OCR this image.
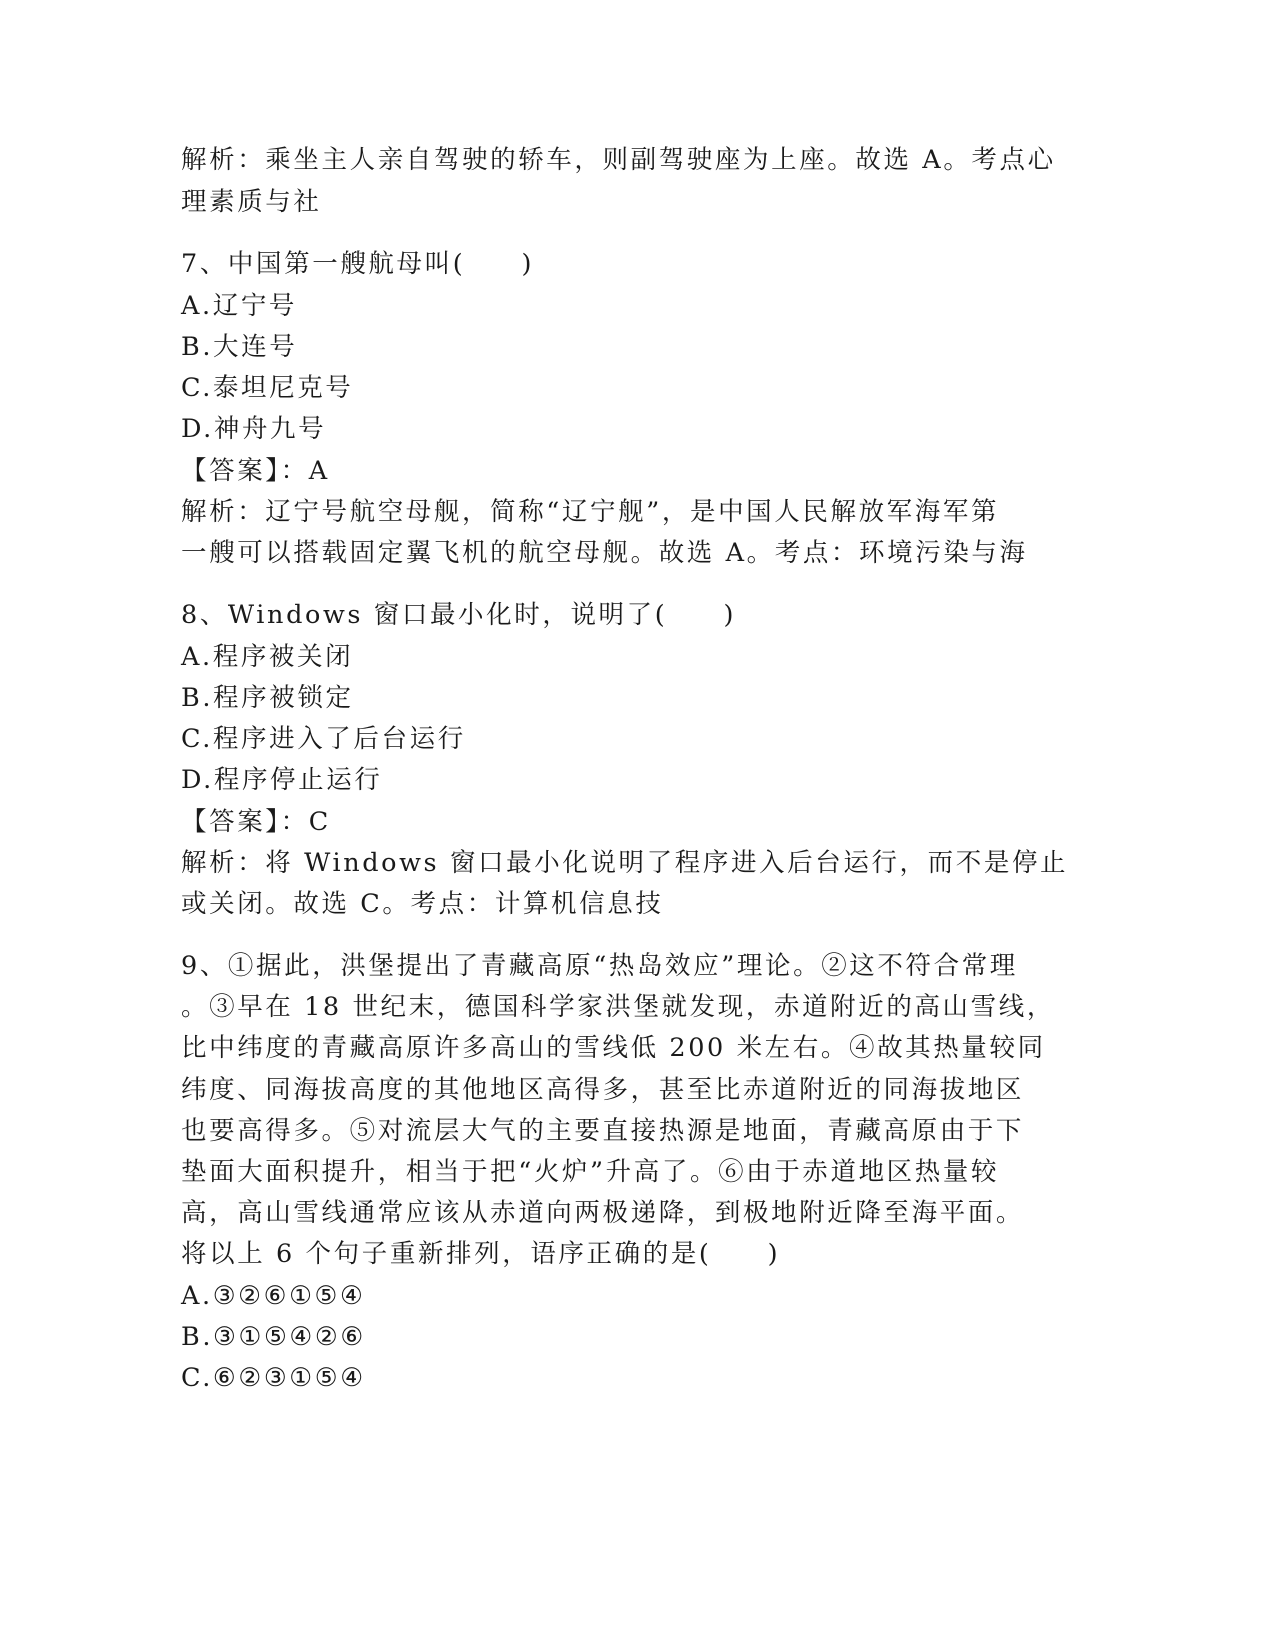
解析：乘坐主人亲自驾驶的轿车，则副驾驶座为上座。故选 A。考点心
理素质与社
7、中国第一艘航母叫(　　)
A.辽宁号
B.大连号
C.泰坦尼克号
D.神舟九号
【答案】：A
解析：辽宁号航空母舰，简称“辽宁舰”，是中国人民解放军海军第
一艘可以搭载固定翼飞机的航空母舰。故选 A。考点：环境污染与海
8、Windows 窗口最小化时，说明了(　　)
A.程序被关闭
B.程序被锁定
C.程序进入了后台运行
D.程序停止运行
【答案】：C
解析：将 Windows 窗口最小化说明了程序进入后台运行，而不是停止
或关闭。故选 C。考点：计算机信息技
9、①据此，洪堡提出了青藏高原“热岛效应”理论。②这不符合常理
。③早在 18 世纪末，德国科学家洪堡就发现，赤道附近的高山雪线，
比中纬度的青藏高原许多高山的雪线低 200 米左右。④故其热量较同
纬度、同海拔高度的其他地区高得多，甚至比赤道附近的同海拔地区
也要高得多。⑤对流层大气的主要直接热源是地面，青藏高原由于下
垫面大面积提升，相当于把“火炉”升高了。⑥由于赤道地区热量较
高，高山雪线通常应该从赤道向两极递降，到极地附近降至海平面。
将以上 6 个句子重新排列，语序正确的是(　　)
A.③②⑥①⑤④
B.③①⑤④②⑥
C.⑥②③①⑤④
